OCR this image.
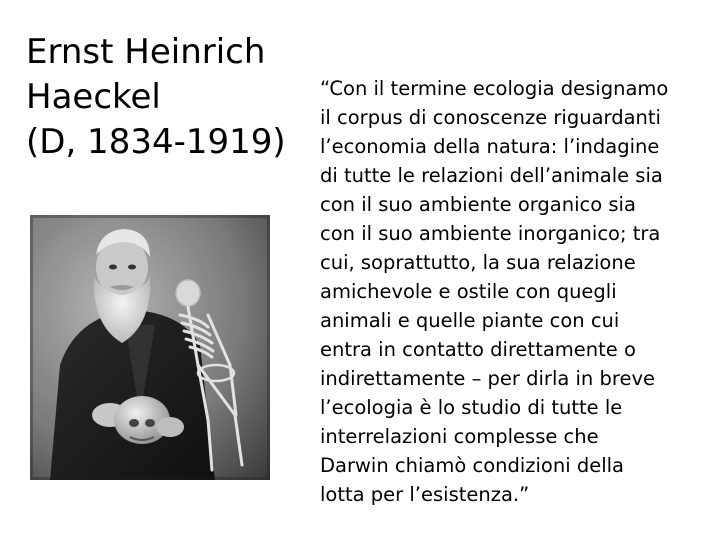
Ernst Heinrich
Haeckel
(D, 1834-1919)

“Con il termine ecologia designamo
il corpus di conoscenze riguardanti
l’economia della natura: l’indagine
di tutte le relazioni dell’animale sia
con il suo ambiente organico sia
con il suo ambiente inorganico; tra
cui, soprattutto, la sua relazione
amichevole e ostile con quegli
animali e quelle piante con cui
entra in contatto direttamente o
indirettamente – per dirla in breve
l’ecologia è lo studio di tutte le
interrelazioni complesse che
Darwin chiamò condizioni della
lotta per l’esistenza.”
